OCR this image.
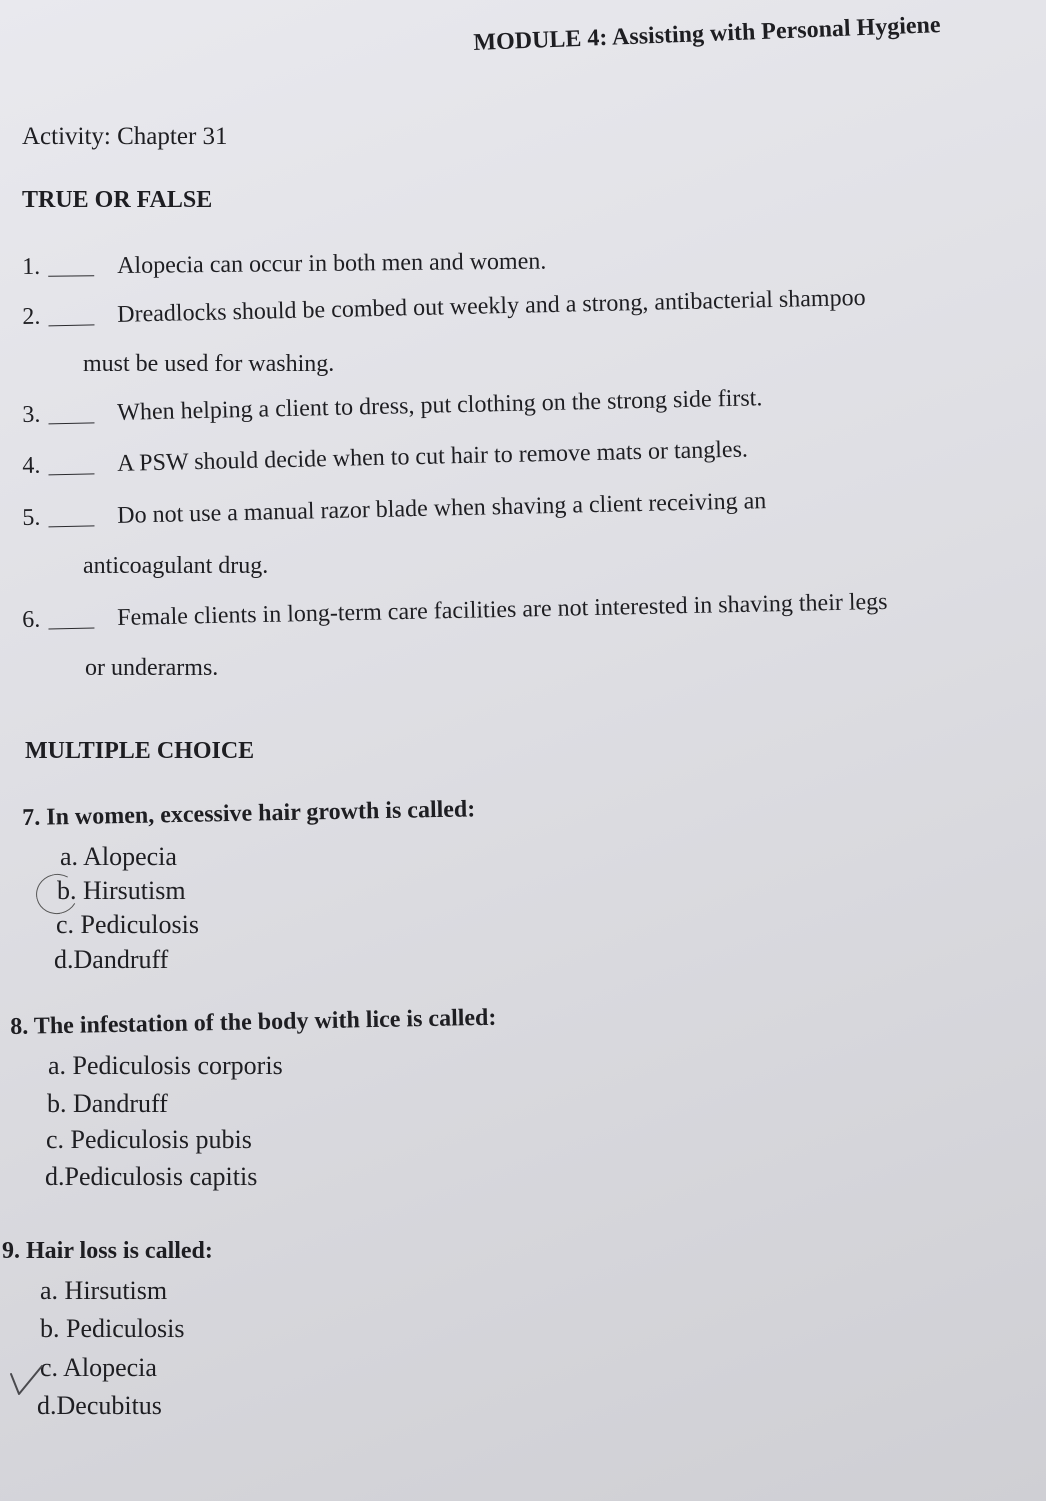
MODULE 4: Assisting with Personal Hygiene
Activity: Chapter 31
TRUE OR FALSE
1.	Alopecia can occur in both men and women.
2.	Dreadlocks should be combed out weekly and a strong, antibacterial shampoo
must be used for washing.
3.	When helping a client to dress, put clothing on the strong side first.
4.	A PSW should decide when to cut hair to remove mats or tangles.
5.	Do not use a manual razor blade when shaving a client receiving an
anticoagulant drug.
6.	Female clients in long-term care facilities are not interested in shaving their legs
or underarms.
MULTIPLE CHOICE
7. In women, excessive hair growth is called:
a. Alopecia
b. Hirsutism
c. Pediculosis
d.Dandruff
8. The infestation of the body with lice is called:
a. Pediculosis corporis
b. Dandruff
c. Pediculosis pubis
d.Pediculosis capitis
9. Hair loss is called:
a. Hirsutism
b. Pediculosis
c. Alopecia
d.Decubitus
